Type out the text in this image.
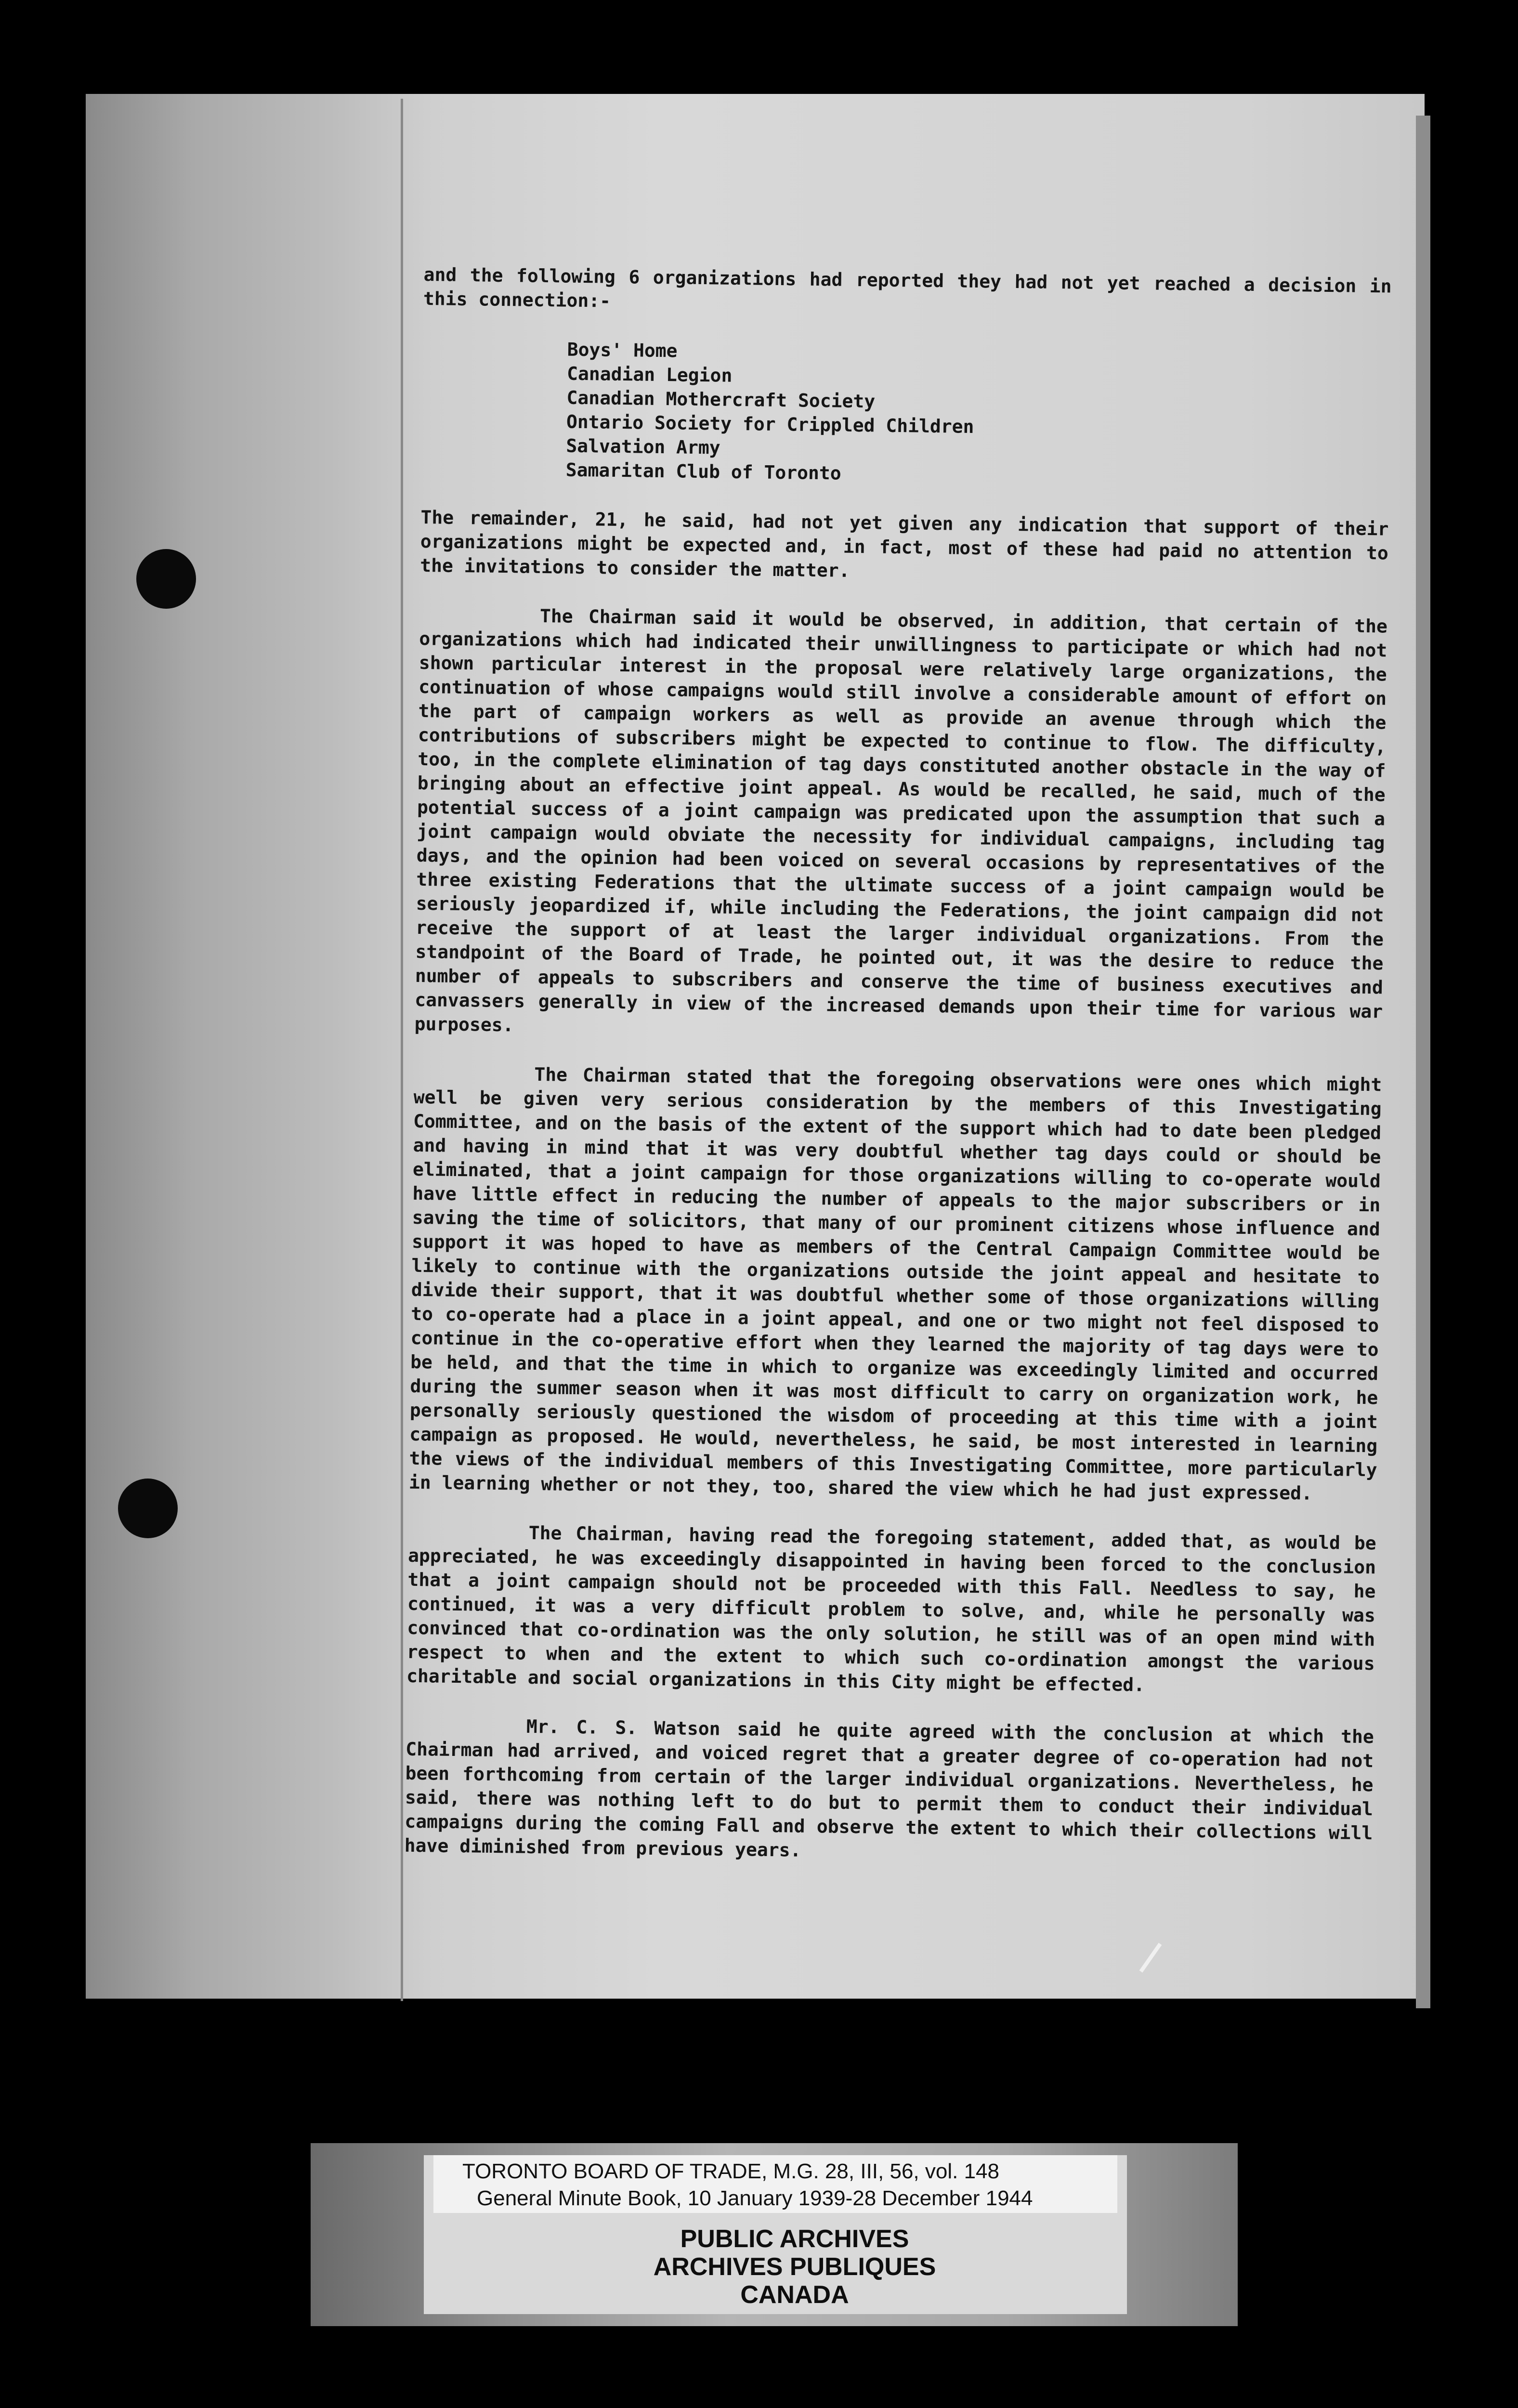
and the following 6 organizations had reported they had not yet reached a decision in this connection:-

Boys' Home
Canadian Legion
Canadian Mothercraft Society
Ontario Society for Crippled Children
Salvation Army
Samaritan Club of Toronto

The remainder, 21, he said, had not yet given any indication that support of their organizations might be expected and, in fact, most of these had paid no attention to the invitations to consider the matter.

The Chairman said it would be observed, in addition, that certain of the organizations which had indicated their unwillingness to participate or which had not shown particular interest in the proposal were relatively large organizations, the continuation of whose campaigns would still involve a considerable amount of effort on the part of campaign workers as well as provide an avenue through which the contributions of subscribers might be expected to continue to flow. The difficulty, too, in the complete elimination of tag days constituted another obstacle in the way of bringing about an effective joint appeal. As would be recalled, he said, much of the potential success of a joint campaign was predicated upon the assumption that such a joint campaign would obviate the necessity for individual campaigns, including tag days, and the opinion had been voiced on several occasions by representatives of the three existing Federations that the ultimate success of a joint campaign would be seriously jeopardized if, while including the Federations, the joint campaign did not receive the support of at least the larger individual organizations. From the standpoint of the Board of Trade, he pointed out, it was the desire to reduce the number of appeals to subscribers and conserve the time of business executives and canvassers generally in view of the increased demands upon their time for various war purposes.

The Chairman stated that the foregoing observations were ones which might well be given very serious consideration by the members of this Investigating Committee, and on the basis of the extent of the support which had to date been pledged and having in mind that it was very doubtful whether tag days could or should be eliminated, that a joint campaign for those organizations willing to co-operate would have little effect in reducing the number of appeals to the major subscribers or in saving the time of solicitors, that many of our prominent citizens whose influence and support it was hoped to have as members of the Central Campaign Committee would be likely to continue with the organizations outside the joint appeal and hesitate to divide their support, that it was doubtful whether some of those organizations willing to co-operate had a place in a joint appeal, and one or two might not feel disposed to continue in the co-operative effort when they learned the majority of tag days were to be held, and that the time in which to organize was exceedingly limited and occurred during the summer season when it was most difficult to carry on organization work, he personally seriously questioned the wisdom of proceeding at this time with a joint campaign as proposed. He would, nevertheless, he said, be most interested in learning the views of the individual members of this Investigating Committee, more particularly in learning whether or not they, too, shared the view which he had just expressed.

The Chairman, having read the foregoing statement, added that, as would be appreciated, he was exceedingly disappointed in having been forced to the conclusion that a joint campaign should not be proceeded with this Fall. Needless to say, he continued, it was a very difficult problem to solve, and, while he personally was convinced that co-ordination was the only solution, he still was of an open mind with respect to when and the extent to which such co-ordination amongst the various charitable and social organizations in this City might be effected.

Mr. C. S. Watson said he quite agreed with the conclusion at which the Chairman had arrived, and voiced regret that a greater degree of co-operation had not been forthcoming from certain of the larger individual organizations. Nevertheless, he said, there was nothing left to do but to permit them to conduct their individual campaigns during the coming Fall and observe the extent to which their collections will have diminished from previous years.

TORONTO BOARD OF TRADE, M.G. 28, III, 56, vol. 148
General Minute Book, 10 January 1939-28 December 1944
PUBLIC ARCHIVES
ARCHIVES PUBLIQUES
CANADA
